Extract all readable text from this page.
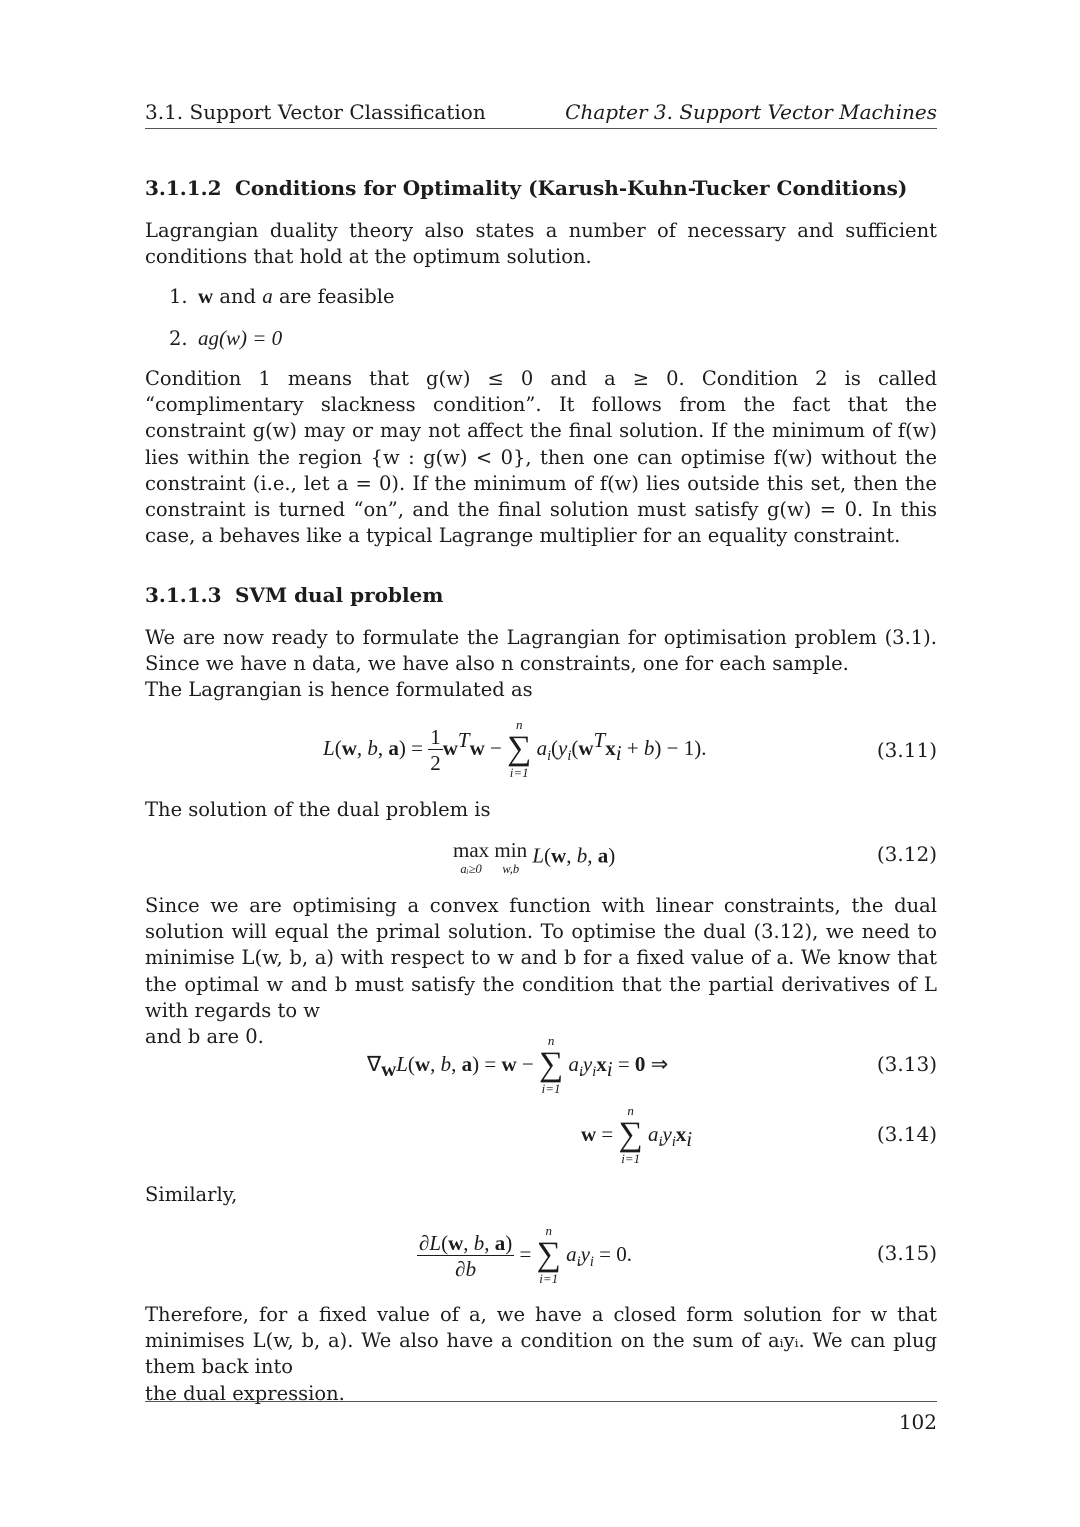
3.1. Support Vector Classification	Chapter 3. Support Vector Machines
3.1.1.2 Conditions for Optimality (Karush-Kuhn-Tucker Conditions)
Lagrangian duality theory also states a number of necessary and sufficient conditions that hold at the optimum solution.
1. w and a are feasible
2. ag(w) = 0
Condition 1 means that g(w) ≤ 0 and a ≥ 0. Condition 2 is called “complimentary slackness condition”. It follows from the fact that the constraint g(w) may or may not affect the final solution. If the minimum of f(w) lies within the region {w : g(w) < 0}, then one can optimise f(w) without the constraint (i.e., let a = 0). If the minimum of f(w) lies outside this set, then the constraint is turned “on”, and the final solution must satisfy g(w) = 0. In this case, a behaves like a typical Lagrange multiplier for an equality constraint.
3.1.1.3 SVM dual problem
We are now ready to formulate the Lagrangian for optimisation problem (3.1). Since we have n data, we have also n constraints, one for each sample.
The Lagrangian is hence formulated as
L(w, b, $a) = \frac{1}{2} w^Tw$ −
n
∑
i=1
$a_i(y_i(w^Tx_i + b) - 1)$.	(3.11)
The solution of the dual problem is
max
aᵢ≥0

min
w,b
L(w, b, a)	(3.12)
Since we are optimising a convex function with linear constraints, the dual solution will equal the primal solution. To optimise the dual (3.12), we need to minimise L(w, b, a) with respect to w and b for a fixed value of a. We know that the optimal w and b must satisfy the condition that the partial derivatives of L with regards to w
and b are 0.
$\nabla_wL(w$, b, a) = w −
n
∑
i=1
$a_iy_ix_i = 0$ ⇒	(3.13)
w =
n
∑
i=1
$a_iy_ix_i$	(3.14)
Similarly,
$\frac{\partial L(w, b, a)}{\partial b}$ =
n
∑
i=1
$a_iy_i = 0$.	(3.15)
Therefore, for a fixed value of a, we have a closed form solution for w that minimises L(w, b, a). We also have a condition on the sum of aᵢyᵢ. We can plug them back into
the dual expression.
102
